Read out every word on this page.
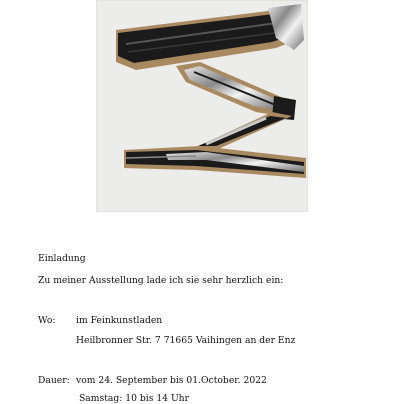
Einladung
Zu meiner Ausstellung lade ich sie sehr herzlich ein:
Wo: im Feinkunstladen
Heilbronner Str. 7 71665 Vaihingen an der Enz
Dauer: vom 24. September bis 01.October. 2022
Samstag: 10 bis 14 Uhr
